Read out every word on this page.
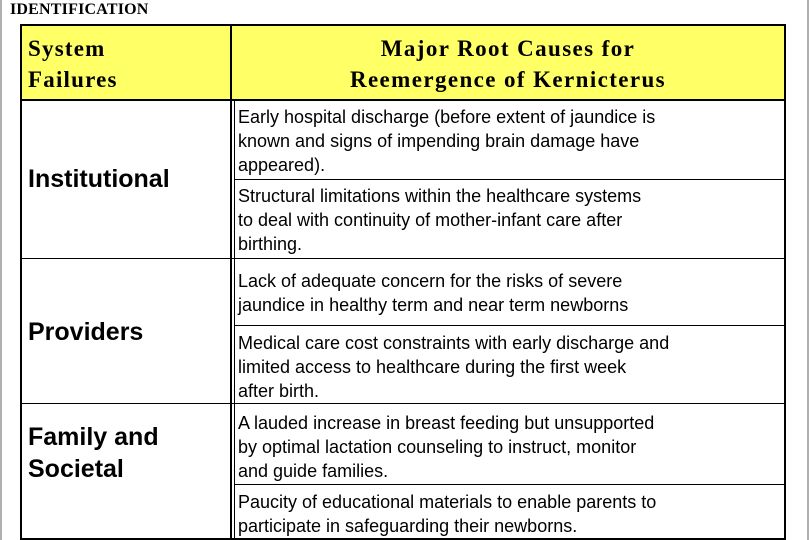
IDENTIFICATION
System
Failures
Major Root Causes for
Reemergence of Kernicterus
Institutional
Early hospital discharge (before extent of jaundice is
known and signs of impending brain damage have
appeared).
Structural limitations within the healthcare systems
to deal with continuity of mother-infant care after
birthing.
Providers
Lack of adequate concern for the risks of severe
jaundice in healthy term and near term newborns
Medical care cost constraints with early discharge and
limited access to healthcare during the first week
after birth.
Family and
Societal
A lauded increase in breast feeding but unsupported
by optimal lactation counseling to instruct, monitor
and guide families.
Paucity of educational materials to enable parents to
participate in safeguarding their newborns.
